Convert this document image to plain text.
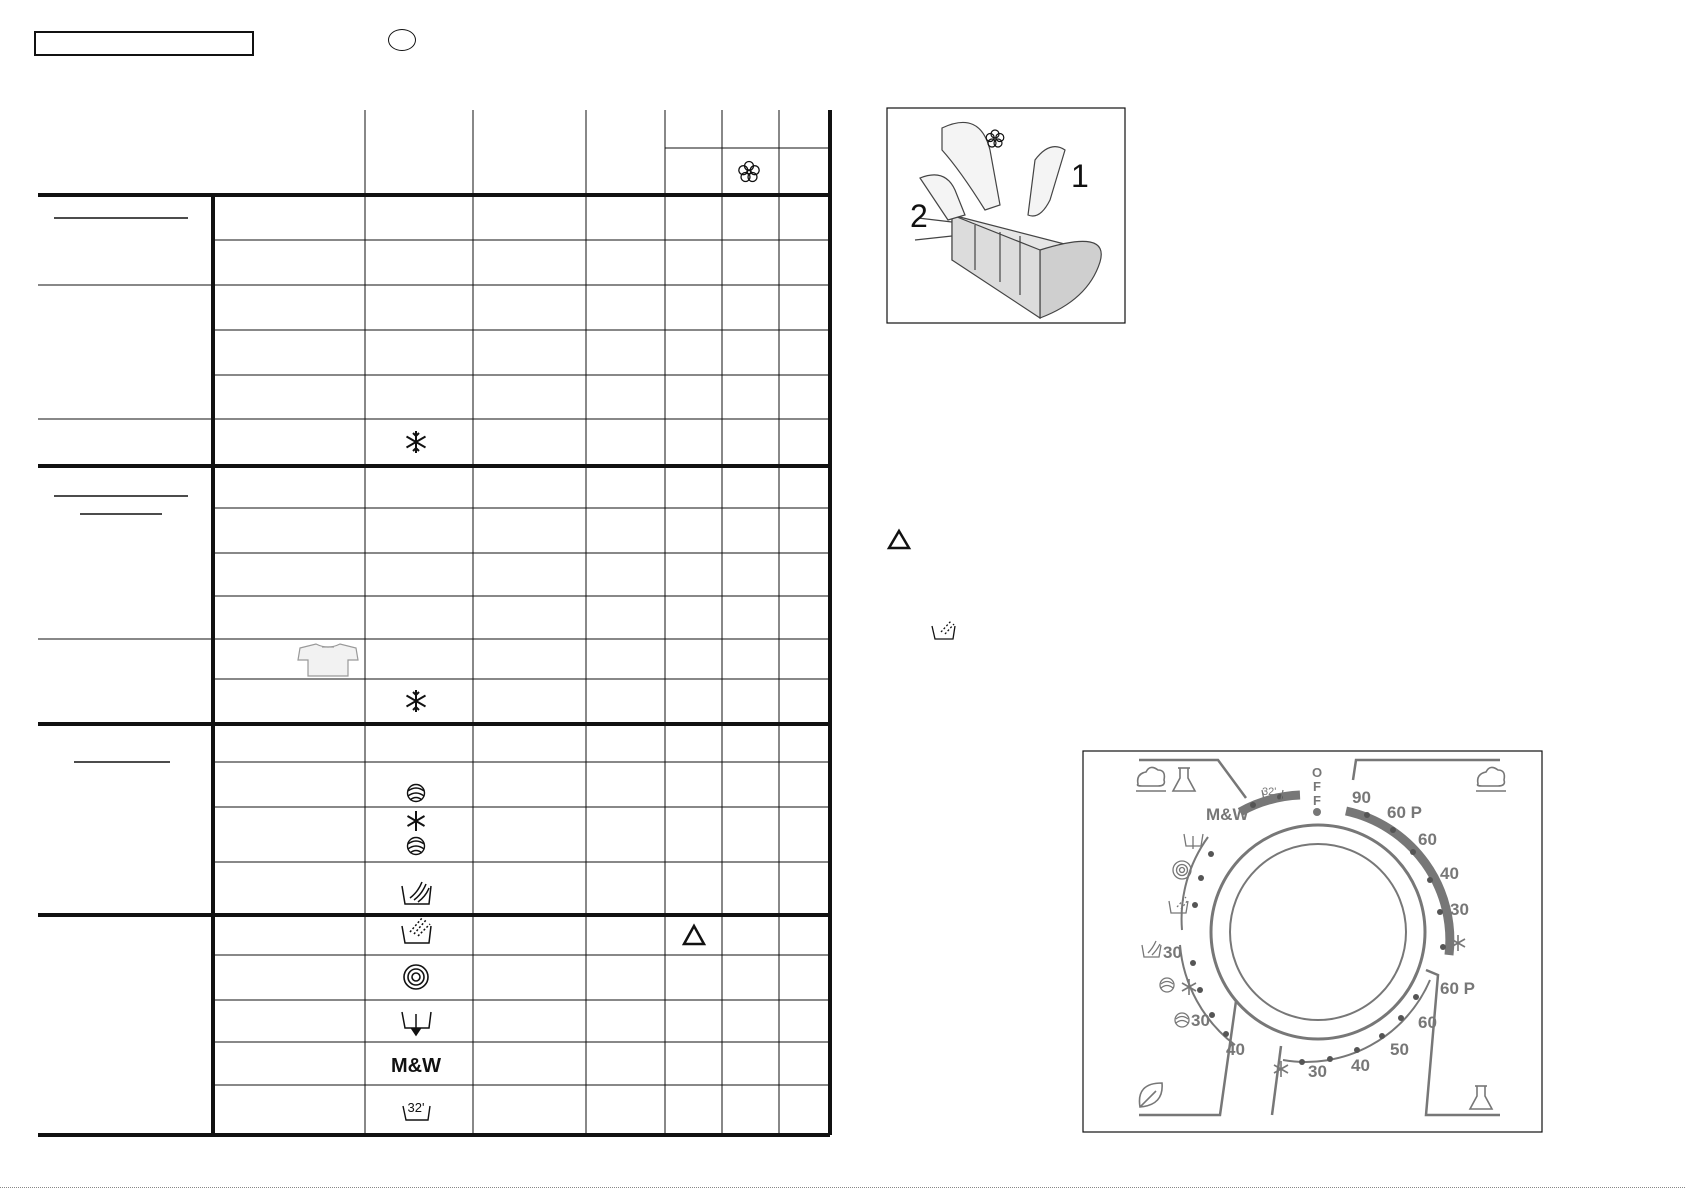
M&W
32'
1
2
O
F
F 90
60 P
60
40
30
60 P
60
50
40
30
M&W
32'
30
30
40
